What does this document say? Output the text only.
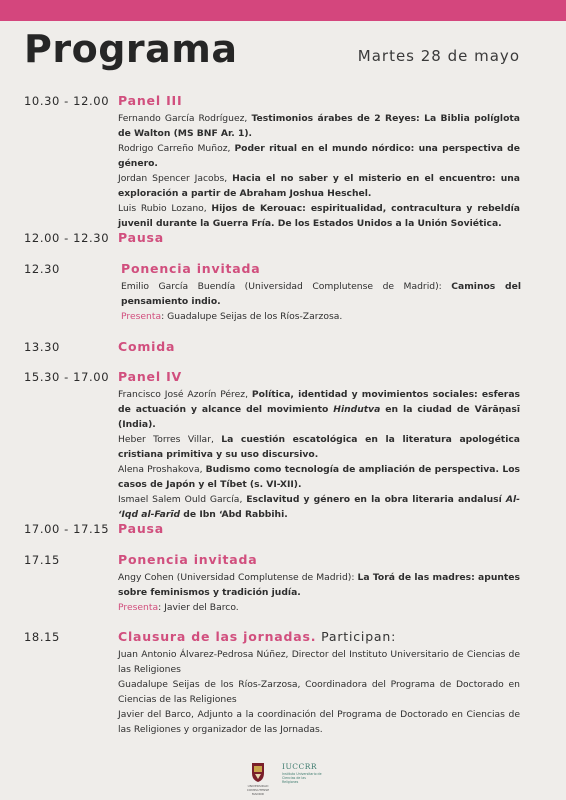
Programa	Martes 28 de mayo
10.30 - 12.00 Panel III

Fernando García Rodríguez, Testimonios árabes de 2 Reyes: La Biblia políglota de Walton (MS BNF Ar. 1).

Rodrigo Carreño Muñoz, Poder ritual en el mundo nórdico: una perspectiva de género.

Jordan Spencer Jacobs, Hacia el no saber y el misterio en el encuentro: una exploración a partir de Abraham Joshua Heschel.

Luis Rubio Lozano, Hijos de Kerouac: espiritualidad, contracultura y rebeldía juvenil durante la Guerra Fría. De los Estados Unidos a la Unión Soviética.

12.00 - 12.30 Pausa
12.30	Ponencia invitada

Emilio García Buendía (Universidad Complutense de Madrid): Caminos del pensamiento indio.

Presenta: Guadalupe Seijas de los Ríos-Zarzosa.

13.30	Comida
15.30 - 17.00 Panel IV

Francisco José Azorín Pérez, Política, identidad y movimientos sociales: esferas de actuación y alcance del movimiento Hindutva en la ciudad de Vārāṇasī (India).

Heber Torres Villar, La cuestión escatológica en la literatura apologética cristiana primitiva y su uso discursivo.

Alena Proshakova, Budismo como tecnología de ampliación de perspectiva. Los casos de Japón y el Tíbet (s. VI-XII).

Ismael Salem Ould García, Esclavitud y género en la obra literaria andalusí Al-ʻIqd al-Farīd de Ibn ʻAbd Rabbihi.

17.00 - 17.15 Pausa
17.15	Ponencia invitada

Angy Cohen (Universidad Complutense de Madrid): La Torá de las madres: apuntes sobre feminismos y tradición judía.

Presenta: Javier del Barco.

18.15	Clausura de las jornadas. Participan:

Juan Antonio Álvarez-Pedrosa Núñez, Director del Instituto Universitario de Ciencias de las Religiones

Guadalupe Seijas de los Ríos-Zarzosa, Coordinadora del Programa de Doctorado en Ciencias de las Religiones

Javier del Barco, Adjunto a la coordinación del Programa de Doctorado en Ciencias de las Religiones y organizador de las Jornadas.

UNIVERSIDAD COMPLUTENSE MADRID
IUCCRR
Instituto Universitario de Ciencias de las Religiones
